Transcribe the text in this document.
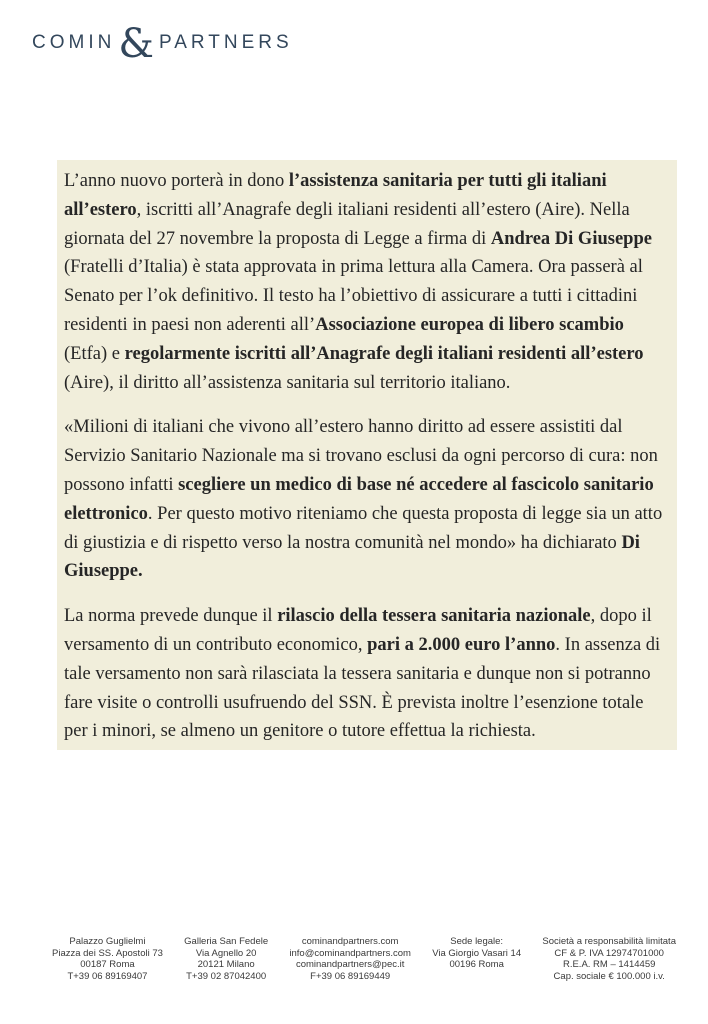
COMIN & PARTNERS

L’anno nuovo porterà in dono l’assistenza sanitaria per tutti gli italiani all’estero, iscritti all’Anagrafe degli italiani residenti all’estero (Aire). Nella giornata del 27 novembre la proposta di Legge a firma di Andrea Di Giuseppe (Fratelli d’Italia) è stata approvata in prima lettura alla Camera. Ora passerà al Senato per l’ok definitivo. Il testo ha l’obiettivo di assicurare a tutti i cittadini residenti in paesi non aderenti all’Associazione europea di libero scambio (Etfa) e regolarmente iscritti all’Anagrafe degli italiani residenti all’estero (Aire), il diritto all’assistenza sanitaria sul territorio italiano.

«Milioni di italiani che vivono all’estero hanno diritto ad essere assistiti dal Servizio Sanitario Nazionale ma si trovano esclusi da ogni percorso di cura: non possono infatti scegliere un medico di base né accedere al fascicolo sanitario elettronico. Per questo motivo riteniamo che questa proposta di legge sia un atto di giustizia e di rispetto verso la nostra comunità nel mondo» ha dichiarato Di Giuseppe.

La norma prevede dunque il rilascio della tessera sanitaria nazionale, dopo il versamento di un contributo economico, pari a 2.000 euro l’anno. In assenza di tale versamento non sarà rilasciata la tessera sanitaria e dunque non si potranno fare visite o controlli usufruendo del SSN. È prevista inoltre l’esenzione totale per i minori, se almeno un genitore o tutore effettua la richiesta.

Palazzo Guglielmi
Piazza dei SS. Apostoli 73
00187 Roma
T+39 06 89169407
Galleria San Fedele
Via Agnello 20
20121 Milano
T+39 02 87042400
cominandpartners.com
info@cominandpartners.com
cominandpartners@pec.it
F+39 06 89169449
Sede legale:
Via Giorgio Vasari 14
00196 Roma
Società a responsabilità limitata
CF & P. IVA 12974701000
R.E.A. RM – 1414459
Cap. sociale € 100.000 i.v.
